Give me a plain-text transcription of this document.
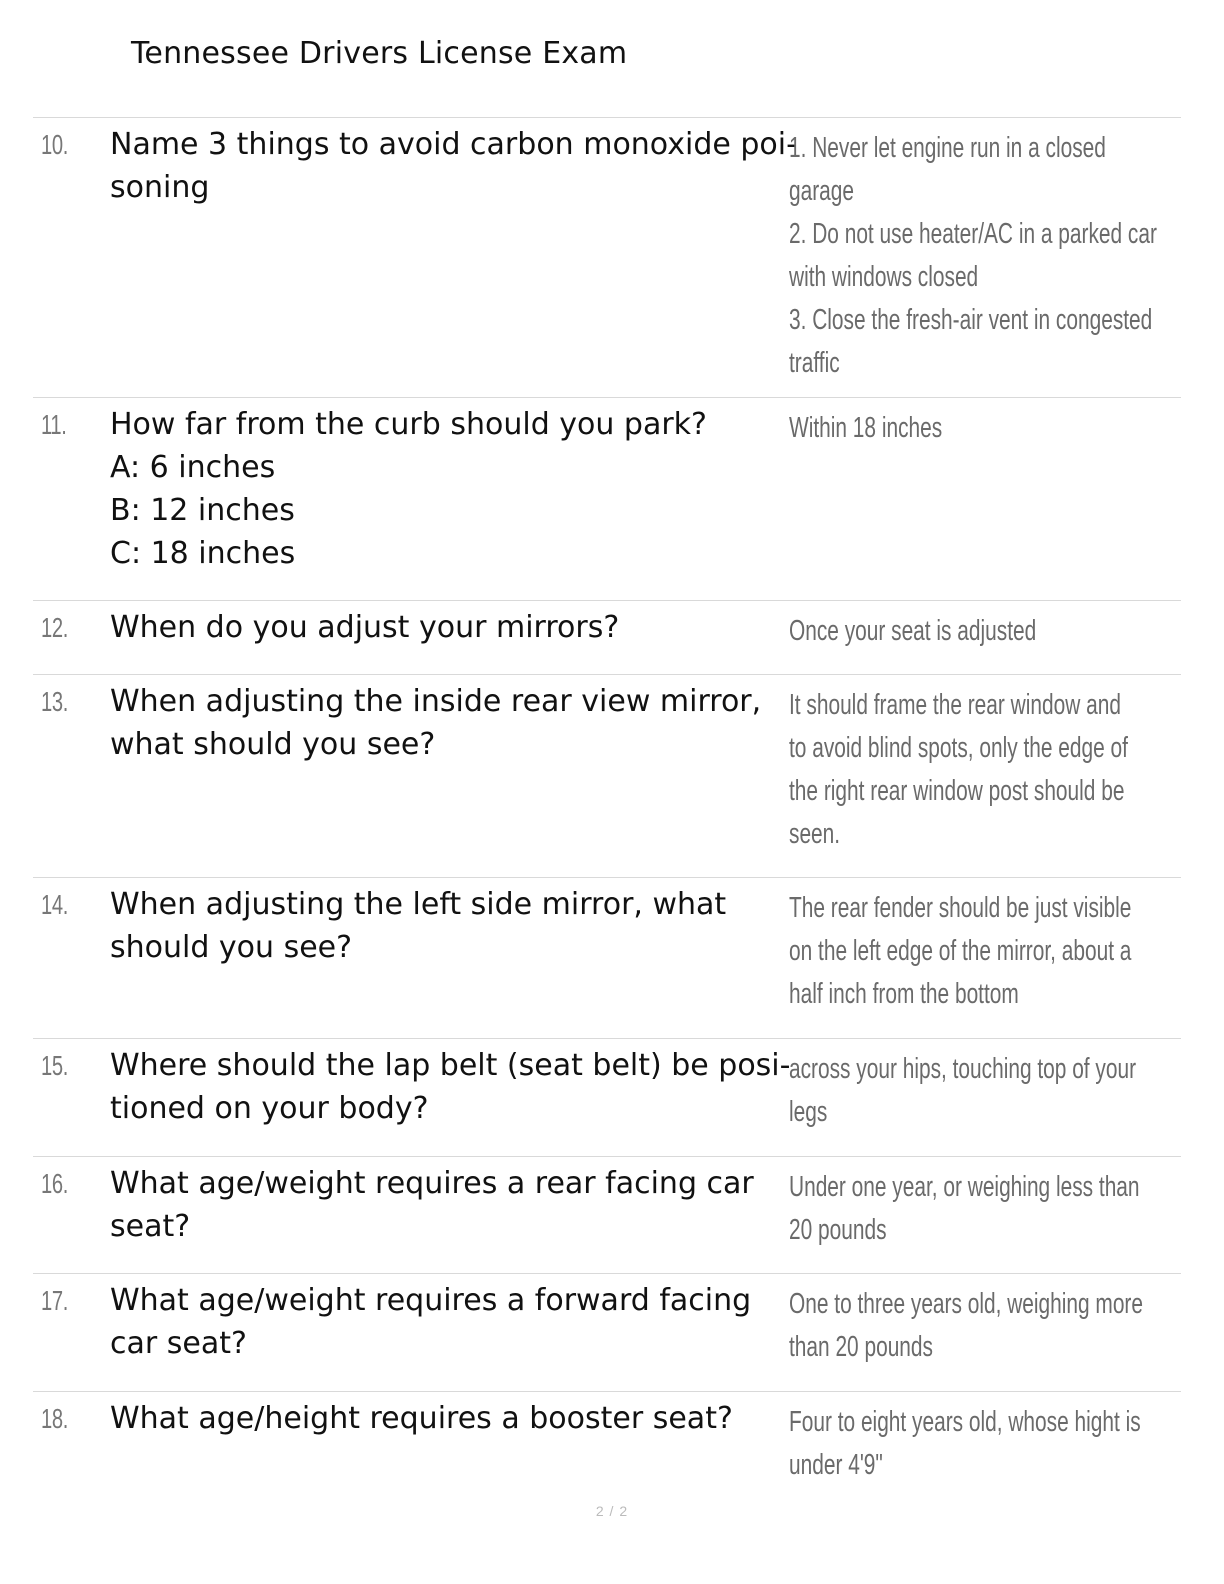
Tennessee Drivers License Exam
10. Name 3 things to avoid carbon monoxide poi-
soning
1. Never let engine run in a closed
garage
2. Do not use heater/AC in a parked car
with windows closed
3. Close the fresh-air vent in congested
traffic
11. How far from the curb should you park?
A: 6 inches
B: 12 inches
C: 18 inches
Within 18 inches
12. When do you adjust your mirrors?	Once your seat is adjusted
13. When adjusting the inside rear view mirror,
what should you see?
It should frame the rear window and
to avoid blind spots, only the edge of
the right rear window post should be
seen.
14. When adjusting the left side mirror, what
should you see?
The rear fender should be just visible
on the left edge of the mirror, about a
half inch from the bottom
15. Where should the lap belt (seat belt) be posi-
tioned on your body?
across your hips, touching top of your
legs
16. What age/weight requires a rear facing car
seat?
Under one year, or weighing less than
20 pounds
17. What age/weight requires a forward facing
car seat?
One to three years old, weighing more
than 20 pounds
18. What age/height requires a booster seat?	Four to eight years old, whose hight is
under 4'9"
2 / 2
